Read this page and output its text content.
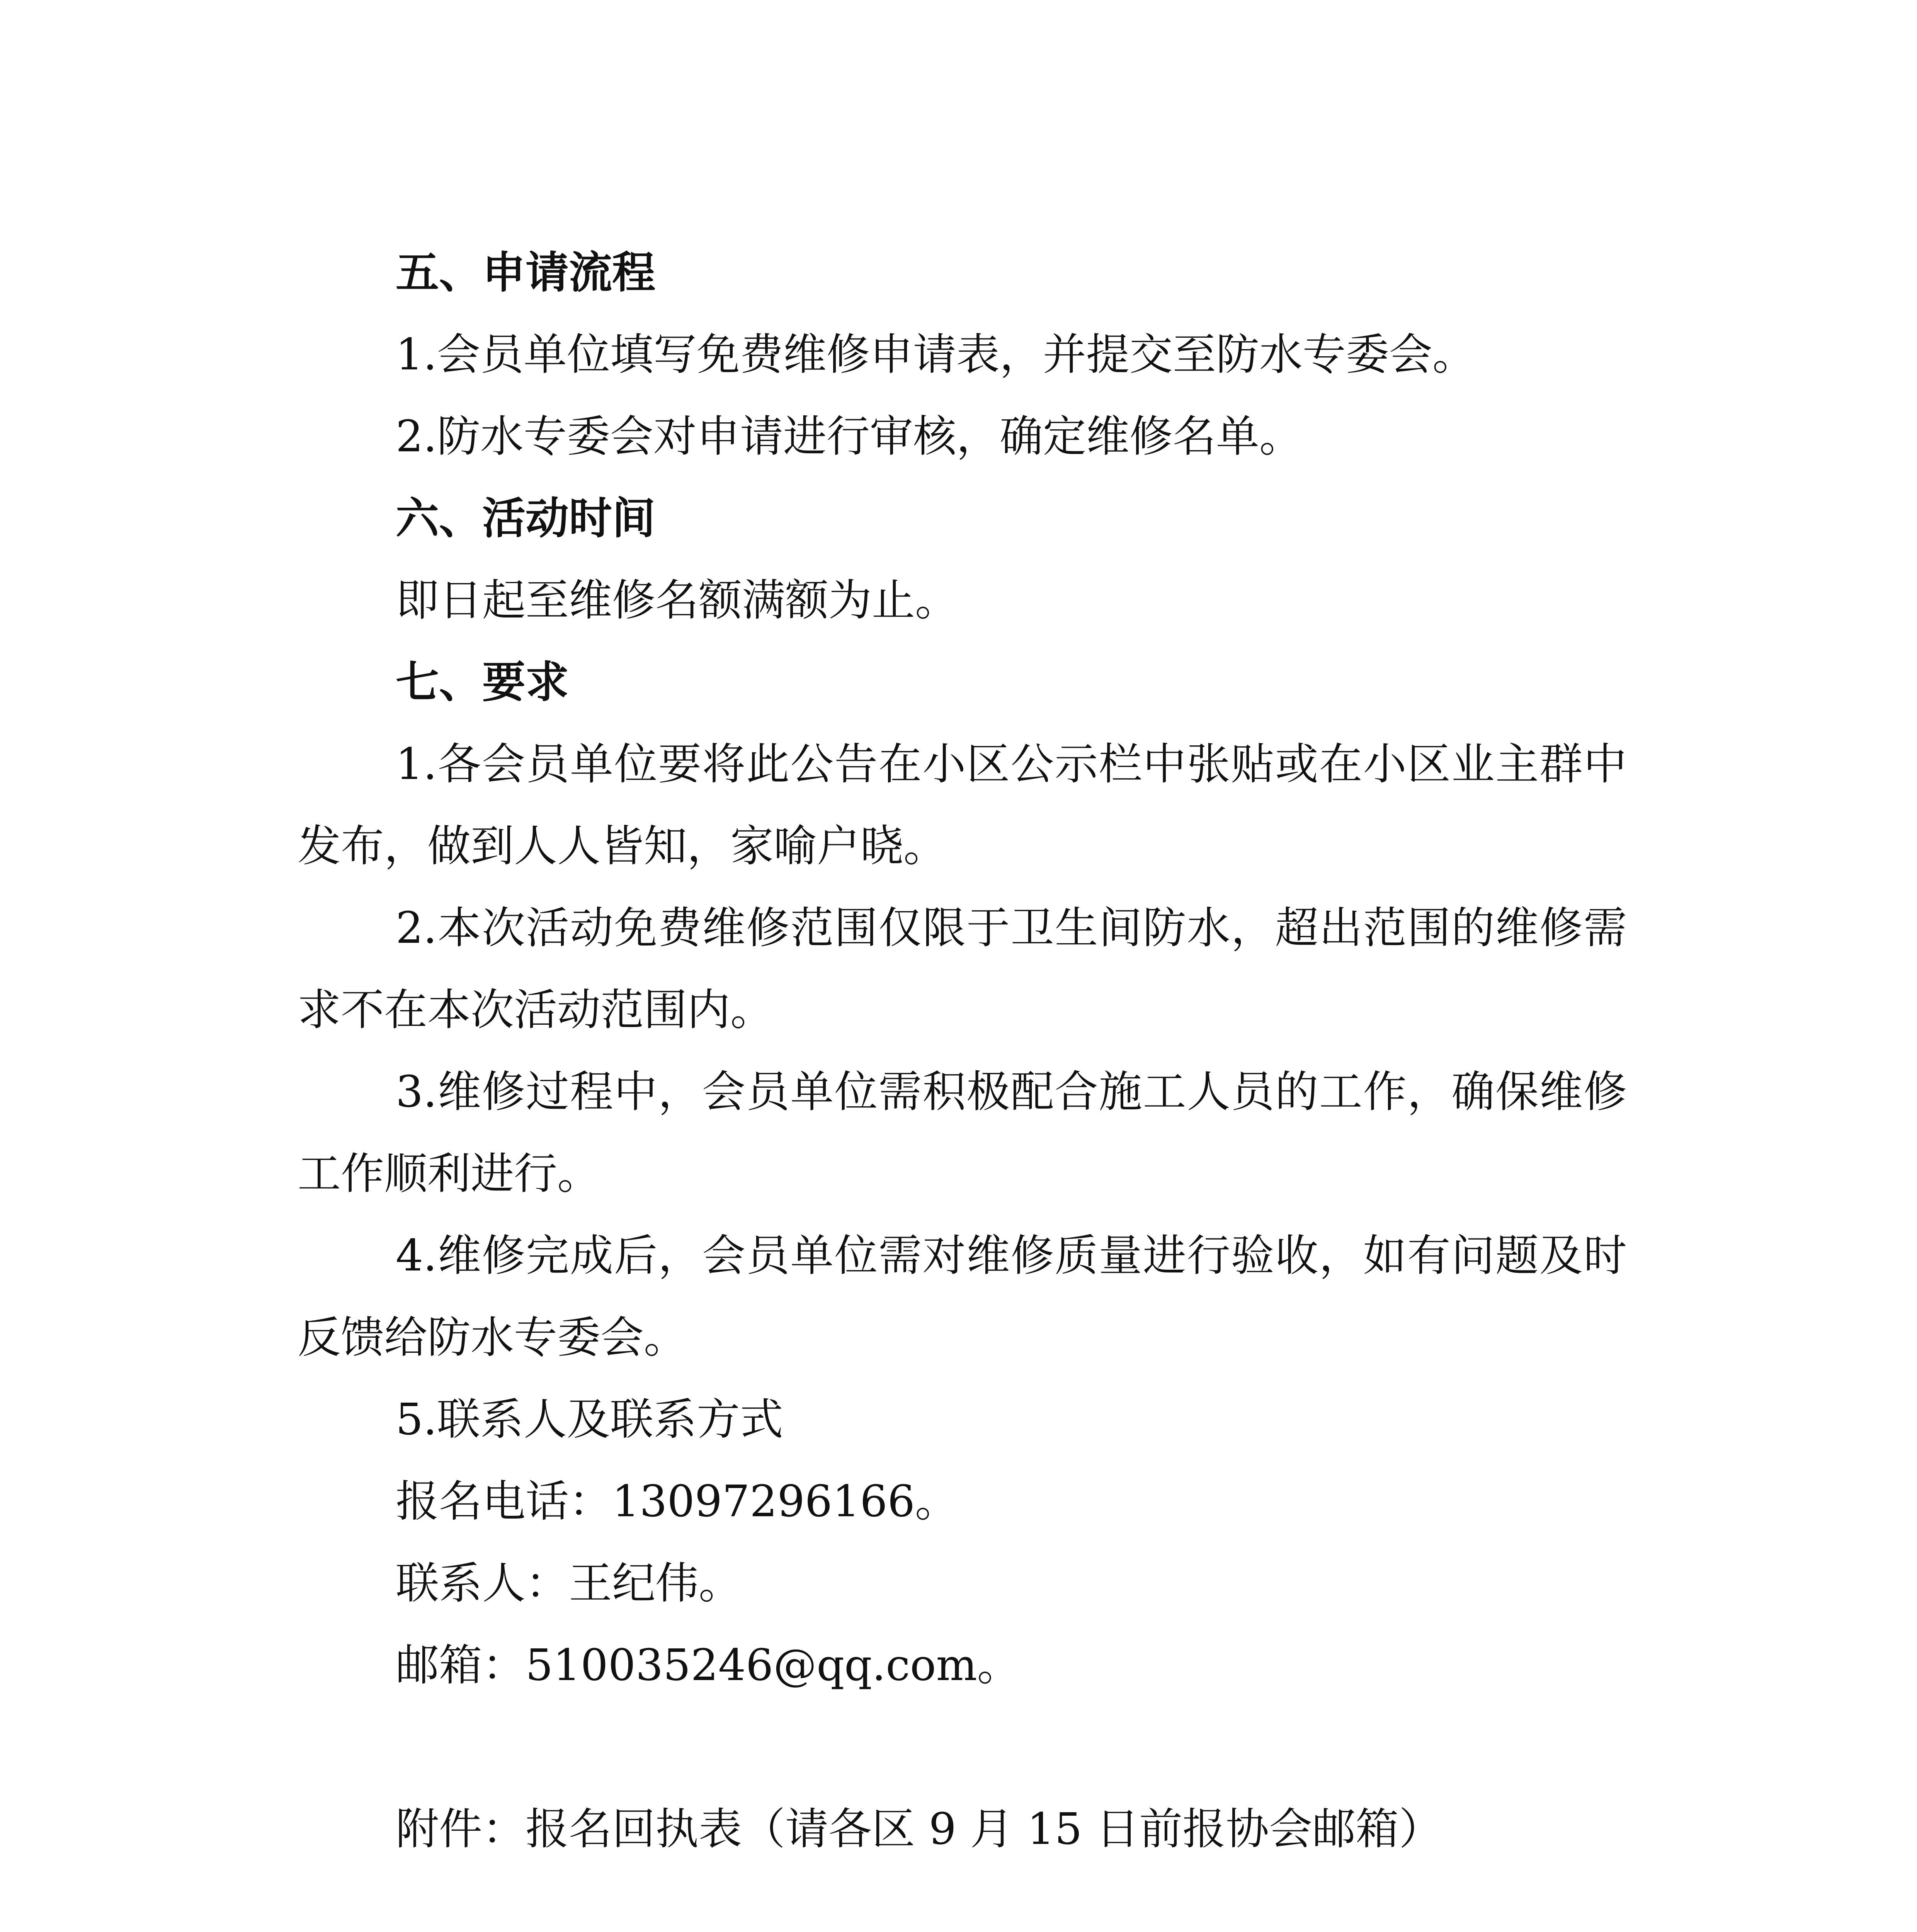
五、申请流程

1.会员单位填写免费维修申请表，并提交至防水专委会。

2.防水专委会对申请进行审核，确定维修名单。

六、活动时间

即日起至维修名额满额为止。

七、要求

1.各会员单位要将此公告在小区公示栏中张贴或在小区业主群中发布，做到人人皆知，家喻户晓。

2.本次活动免费维修范围仅限于卫生间防水，超出范围的维修需求不在本次活动范围内。

3.维修过程中，会员单位需积极配合施工人员的工作，确保维修工作顺利进行。

4.维修完成后，会员单位需对维修质量进行验收，如有问题及时反馈给防水专委会。

5.联系人及联系方式

报名电话：13097296166。

联系人：王纪伟。

邮箱：510035246@qq.com。

附件：报名回执表（请各区 9 月 15 日前报协会邮箱）
